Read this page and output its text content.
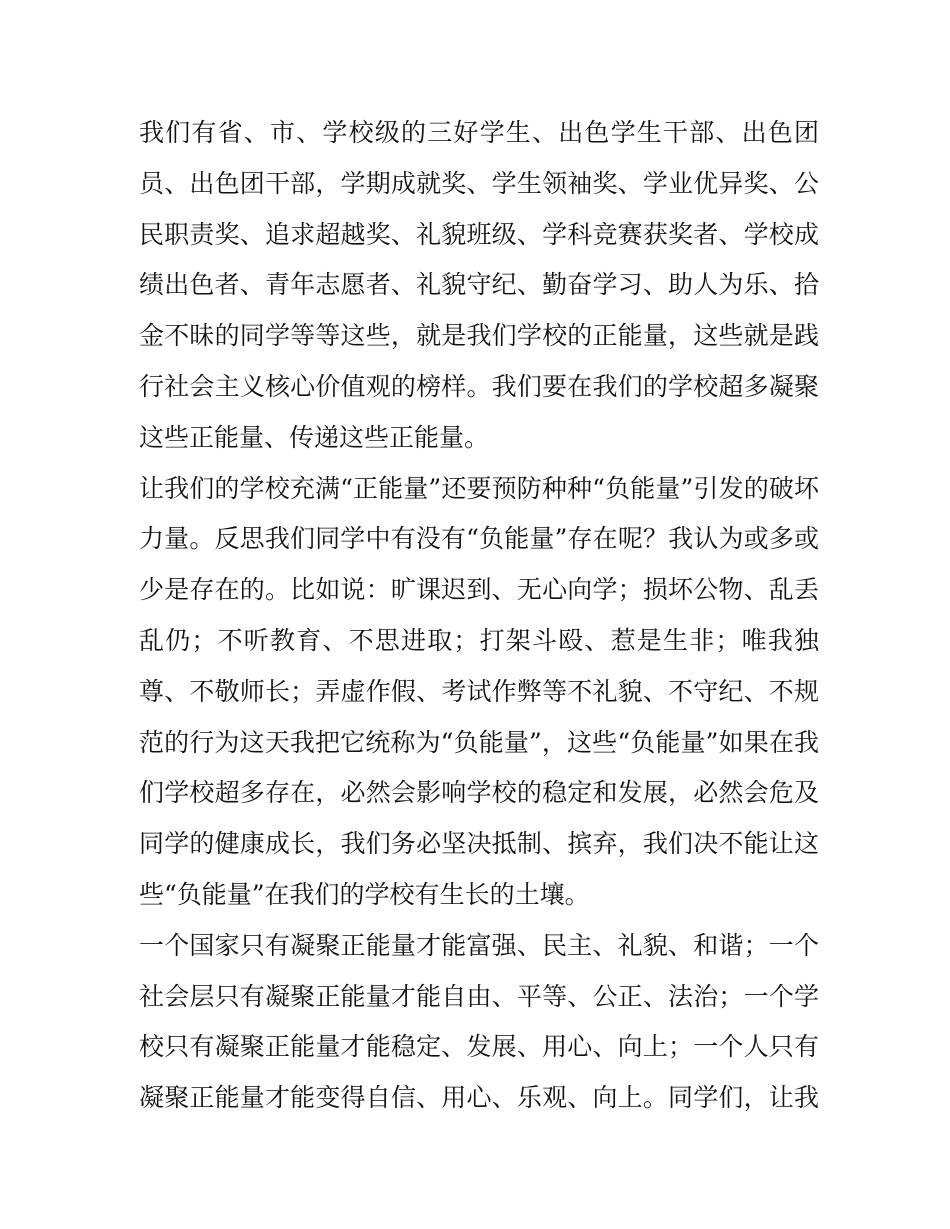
我们有省、市、学校级的三好学生、出色学生干部、出色团
员、出色团干部，学期成就奖、学生领袖奖、学业优异奖、公
民职责奖、追求超越奖、礼貌班级、学科竞赛获奖者、学校成
绩出色者、青年志愿者、礼貌守纪、勤奋学习、助人为乐、拾
金不昧的同学等等这些，就是我们学校的正能量，这些就是践
行社会主义核心价值观的榜样。我们要在我们的学校超多凝聚
这些正能量、传递这些正能量。
让我们的学校充满“正能量”还要预防种种“负能量”引发的破坏
力量。反思我们同学中有没有“负能量”存在呢？我认为或多或
少是存在的。比如说：旷课迟到、无心向学；损坏公物、乱丢
乱仍；不听教育、不思进取；打架斗殴、惹是生非；唯我独
尊、不敬师长；弄虚作假、考试作弊等不礼貌、不守纪、不规
范的行为这天我把它统称为“负能量”，这些“负能量”如果在我
们学校超多存在，必然会影响学校的稳定和发展，必然会危及
同学的健康成长，我们务必坚决抵制、摈弃，我们决不能让这
些“负能量”在我们的学校有生长的土壤。
一个国家只有凝聚正能量才能富强、民主、礼貌、和谐；一个
社会层只有凝聚正能量才能自由、平等、公正、法治；一个学
校只有凝聚正能量才能稳定、发展、用心、向上；一个人只有
凝聚正能量才能变得自信、用心、乐观、向上。同学们，让我
